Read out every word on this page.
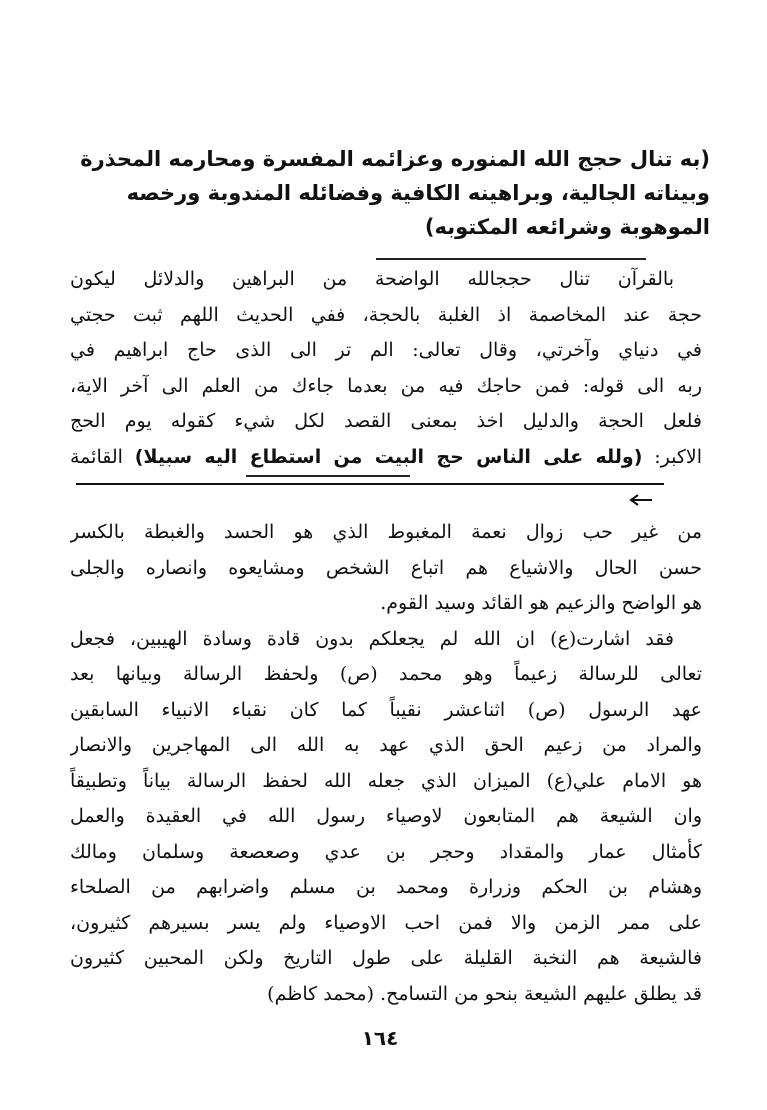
(به تنال حجج الله المنوره وعزائمه المفسرة ومحارمه المحذرة
وبيناته الجالية، وبراهينه الكافية وفضائله المندوبة ورخصه
الموهوبة وشرائعه المكتوبه)
بالقرآن تنال حججالله الواضحة من البراهين والدلائل ليكون
حجة عند المخاصمة اذ الغلبة بالحجة، ففي الحديث اللهم ثبت حجتي
في دنياي وآخرتي، وقال تعالى: الم تر الى الذى حاج ابراهيم في
ربه الى قوله: فمن حاجك فيه من بعدما جاءك من العلم الى آخر الاية،
فلعل الحجة والدليل اخذ بمعنى القصد لكل شيء كقوله يوم الحج
الاكبر: (ولله على الناس حج البيت من استطاع اليه سبيلا) القائمة
من غير حب زوال نعمة المغبوط الذي هو الحسد والغبطة بالكسر
حسن الحال والاشياع هم اتباع الشخص ومشايعوه وانصاره والجلى
هو الواضح والزعيم هو القائد وسيد القوم.
فقد اشارت(ع) ان الله لم يجعلكم بدون قادة وسادة الهيبين، فجعل
تعالى للرسالة زعيماً وهو محمد (ص) ولحفظ الرسالة وبيانها بعد
عهد الرسول (ص) اثناعشر نقيباً كما كان نقباء الانبياء السابقين
والمراد من زعيم الحق الذي عهد به الله الى المهاجرين والانصار
هو الامام علي(ع) الميزان الذي جعله الله لحفظ الرسالة بياناً وتطبيقاً
وان الشيعة هم المتابعون لاوصياء رسول الله في العقيدة والعمل
كأمثال عمار والمقداد وحجر بن عدي وصعصعة وسلمان ومالك
وهشام بن الحكم وزرارة ومحمد بن مسلم واضرابهم من الصلحاء
على ممر الزمن والا فمن احب الاوصياء ولم يسر بسيرهم كثيرون،
فالشيعة هم النخبة القليلة على طول التاريخ ولكن المحبين كثيرون
قد يطلق عليهم الشيعة بنحو من التسامح. (محمد كاظم)
١٦٤
